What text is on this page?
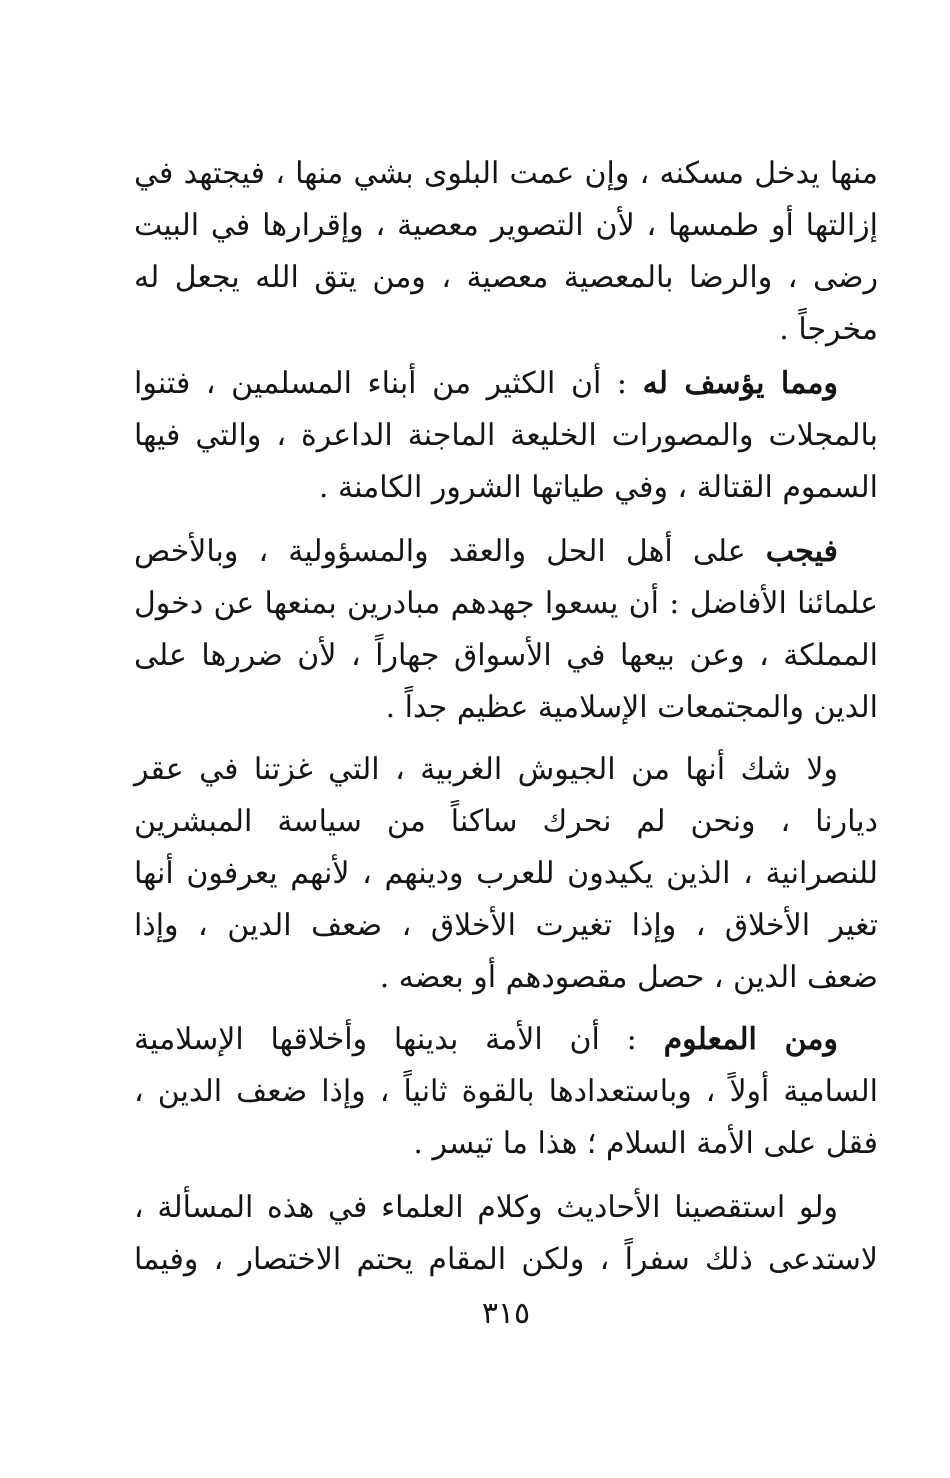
منها يدخل مسكنه ، وإن عمت البلوى بشي منها ، فيجتهد في
إزالتها أو طمسها ، لأن التصوير معصية ، وإقرارها في البيت
رضى ، والرضا بالمعصية معصية ، ومن يتق الله يجعل له
مخرجاً .
ومما يؤسف له : أن الكثير من أبناء المسلمين ، فتنوا
بالمجلات والمصورات الخليعة الماجنة الداعرة ، والتي فيها
السموم القتالة ، وفي طياتها الشرور الكامنة .
فيجب على أهل الحل والعقد والمسؤولية ، وبالأخص
علمائنا الأفاضل : أن يسعوا جهدهم مبادرين بمنعها عن دخول
المملكة ، وعن بيعها في الأسواق جهاراً ، لأن ضررها على
الدين والمجتمعات الإسلامية عظيم جداً .
ولا شك أنها من الجيوش الغربية ، التي غزتنا في عقر
ديارنا ، ونحن لم نحرك ساكناً من سياسة المبشرين
للنصرانية ، الذين يكيدون للعرب ودينهم ، لأنهم يعرفون أنها
تغير الأخلاق ، وإذا تغيرت الأخلاق ، ضعف الدين ، وإذا
ضعف الدين ، حصل مقصودهم أو بعضه .
ومن المعلوم : أن الأمة بدينها وأخلاقها الإسلامية
السامية أولاً ، وباستعدادها بالقوة ثانياً ، وإذا ضعف الدين ،
فقل على الأمة السلام ؛ هذا ما تيسر .
ولو استقصينا الأحاديث وكلام العلماء في هذه المسألة ،
لاستدعى ذلك سفراً ، ولكن المقام يحتم الاختصار ، وفيما
٣١٥
